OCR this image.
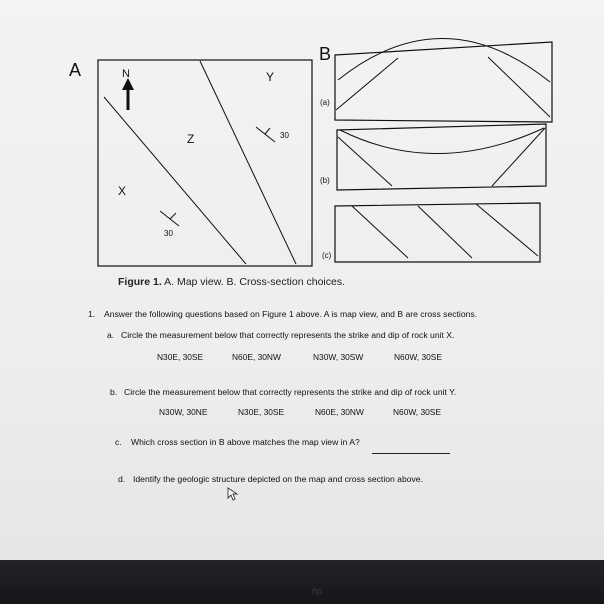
A
B
N	Y
Z
X
30
30
(a)
(b)
(c)
Figure 1. A. Map view. B. Cross-section choices.
1. Answer the following questions based on Figure 1 above. A is map view, and B are cross sections.
a. Circle the measurement below that correctly represents the strike and dip of rock unit X.
N30E, 30SE	N60E, 30NW	N30W, 30SW	N60W, 30SE
b. Circle the measurement below that correctly represents the strike and dip of rock unit Y.
N30W, 30NE	N30E, 30SE	N60E, 30NW	N60W, 30SE
c. Which cross section in B above matches the map view in A?
d. Identify the geologic structure depicted on the map and cross section above.
hp
